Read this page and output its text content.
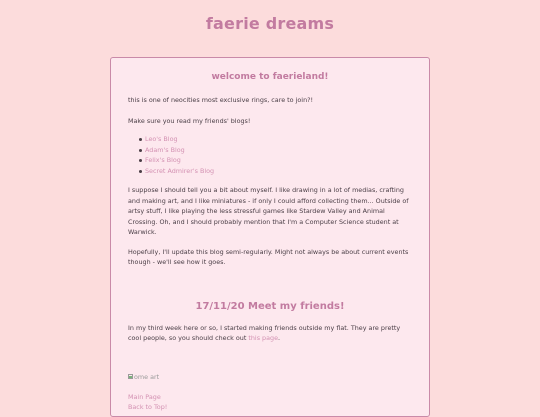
faerie dreams
welcome to faerieland!

this is one of neocities most exclusive rings, care to join?!

Make sure you read my friends' blogs!

Leo's Blog
Adam's Blog
Felix's Blog
Secret Admirer's Blog

I suppose I should tell you a bit about myself. I like drawing in a lot of medias, crafting and making art, and I like miniatures - if only I could afford collecting them... Outside of artsy stuff, I like playing the less stressful games like Stardew Valley and Animal Crossing. Oh, and I should probably mention that I'm a Computer Science student at Warwick.

Hopefully, I'll update this blog semi-regularly. Might not always be about current events though - we'll see how it goes.

17/11/20 Meet my friends!

In my third week here or so, I started making friends outside my flat. They are pretty cool people, so you should check out this page.

ome art
Main Page
Back to Top!
